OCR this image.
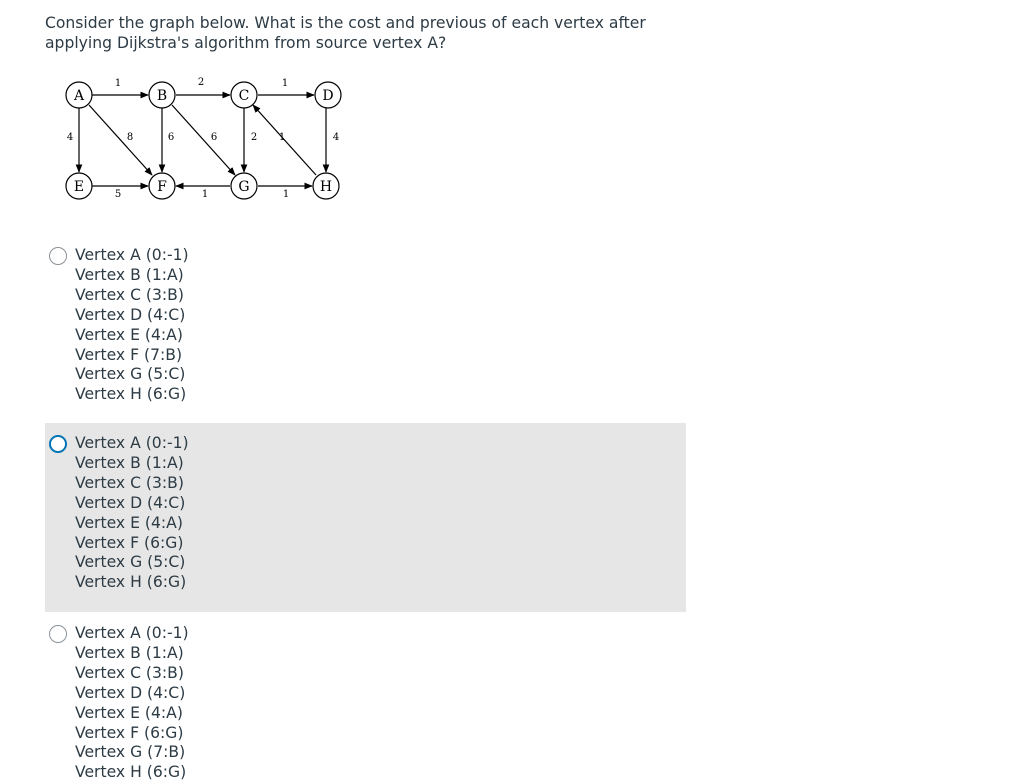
Consider the graph below. What is the cost and previous of each vertex after
applying Dijkstra's algorithm from source vertex A?
A	B	C	D
E	F	G	H
1	2	1
4	8	6	6	2 1	4
5	1	1
Vertex A (0:-1)
Vertex B (1:A)
Vertex C (3:B)
Vertex D (4:C)
Vertex E (4:A)
Vertex F (7:B)
Vertex G (5:C)
Vertex H (6:G)
Vertex A (0:-1)
Vertex B (1:A)
Vertex C (3:B)
Vertex D (4:C)
Vertex E (4:A)
Vertex F (6:G)
Vertex G (5:C)
Vertex H (6:G)
Vertex A (0:-1)
Vertex B (1:A)
Vertex C (3:B)
Vertex D (4:C)
Vertex E (4:A)
Vertex F (6:G)
Vertex G (7:B)
Vertex H (6:G)
